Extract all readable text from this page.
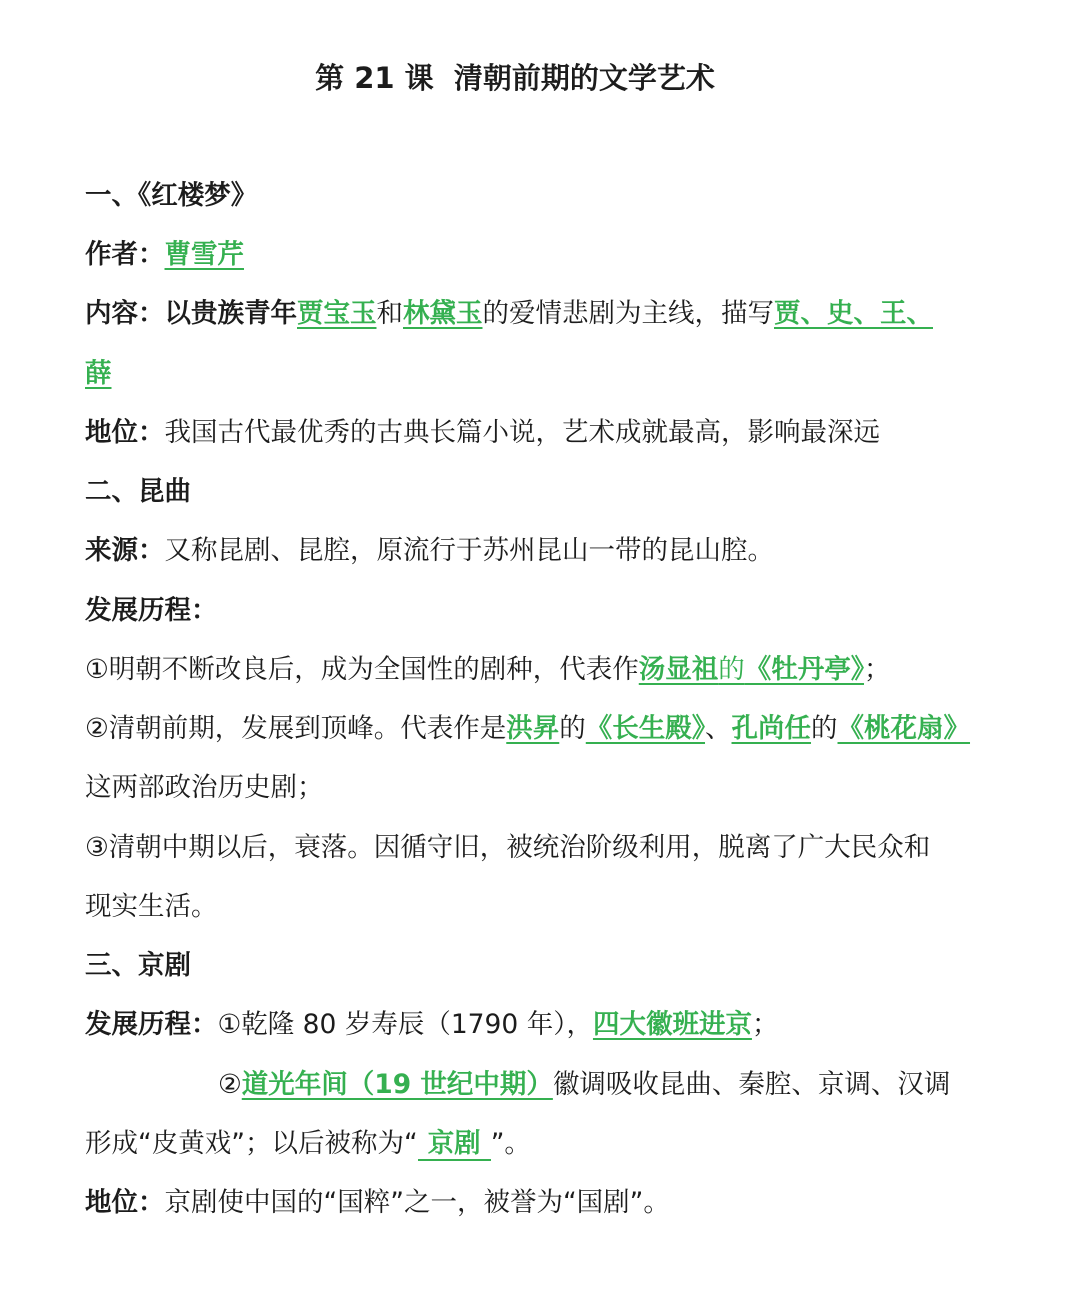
第 21 课  清朝前期的文学艺术
一、《红楼梦》
作者：曹雪芹
内容：以贵族青年贾宝玉和林黛玉的爱情悲剧为主线，描写贾、史、王、
薛
地位：我国古代最优秀的古典长篇小说，艺术成就最高，影响最深远
二、昆曲
来源：又称昆剧、昆腔，原流行于苏州昆山一带的昆山腔。
发展历程：
①明朝不断改良后，成为全国性的剧种，代表作汤显祖的《牡丹亭》；
②清朝前期，发展到顶峰。代表作是洪昇的《长生殿》、孔尚任的《桃花扇》
这两部政治历史剧；
③清朝中期以后，衰落。因循守旧，被统治阶级利用，脱离了广大民众和
现实生活。
三、京剧
发展历程：①乾隆 80 岁寿辰（1790 年），四大徽班进京；
②道光年间（19 世纪中期）徽调吸收昆曲、秦腔、京调、汉调
形成“皮黄戏”；以后被称为“ 京剧 ”。
地位：京剧使中国的“国粹”之一，被誉为“国剧”。
